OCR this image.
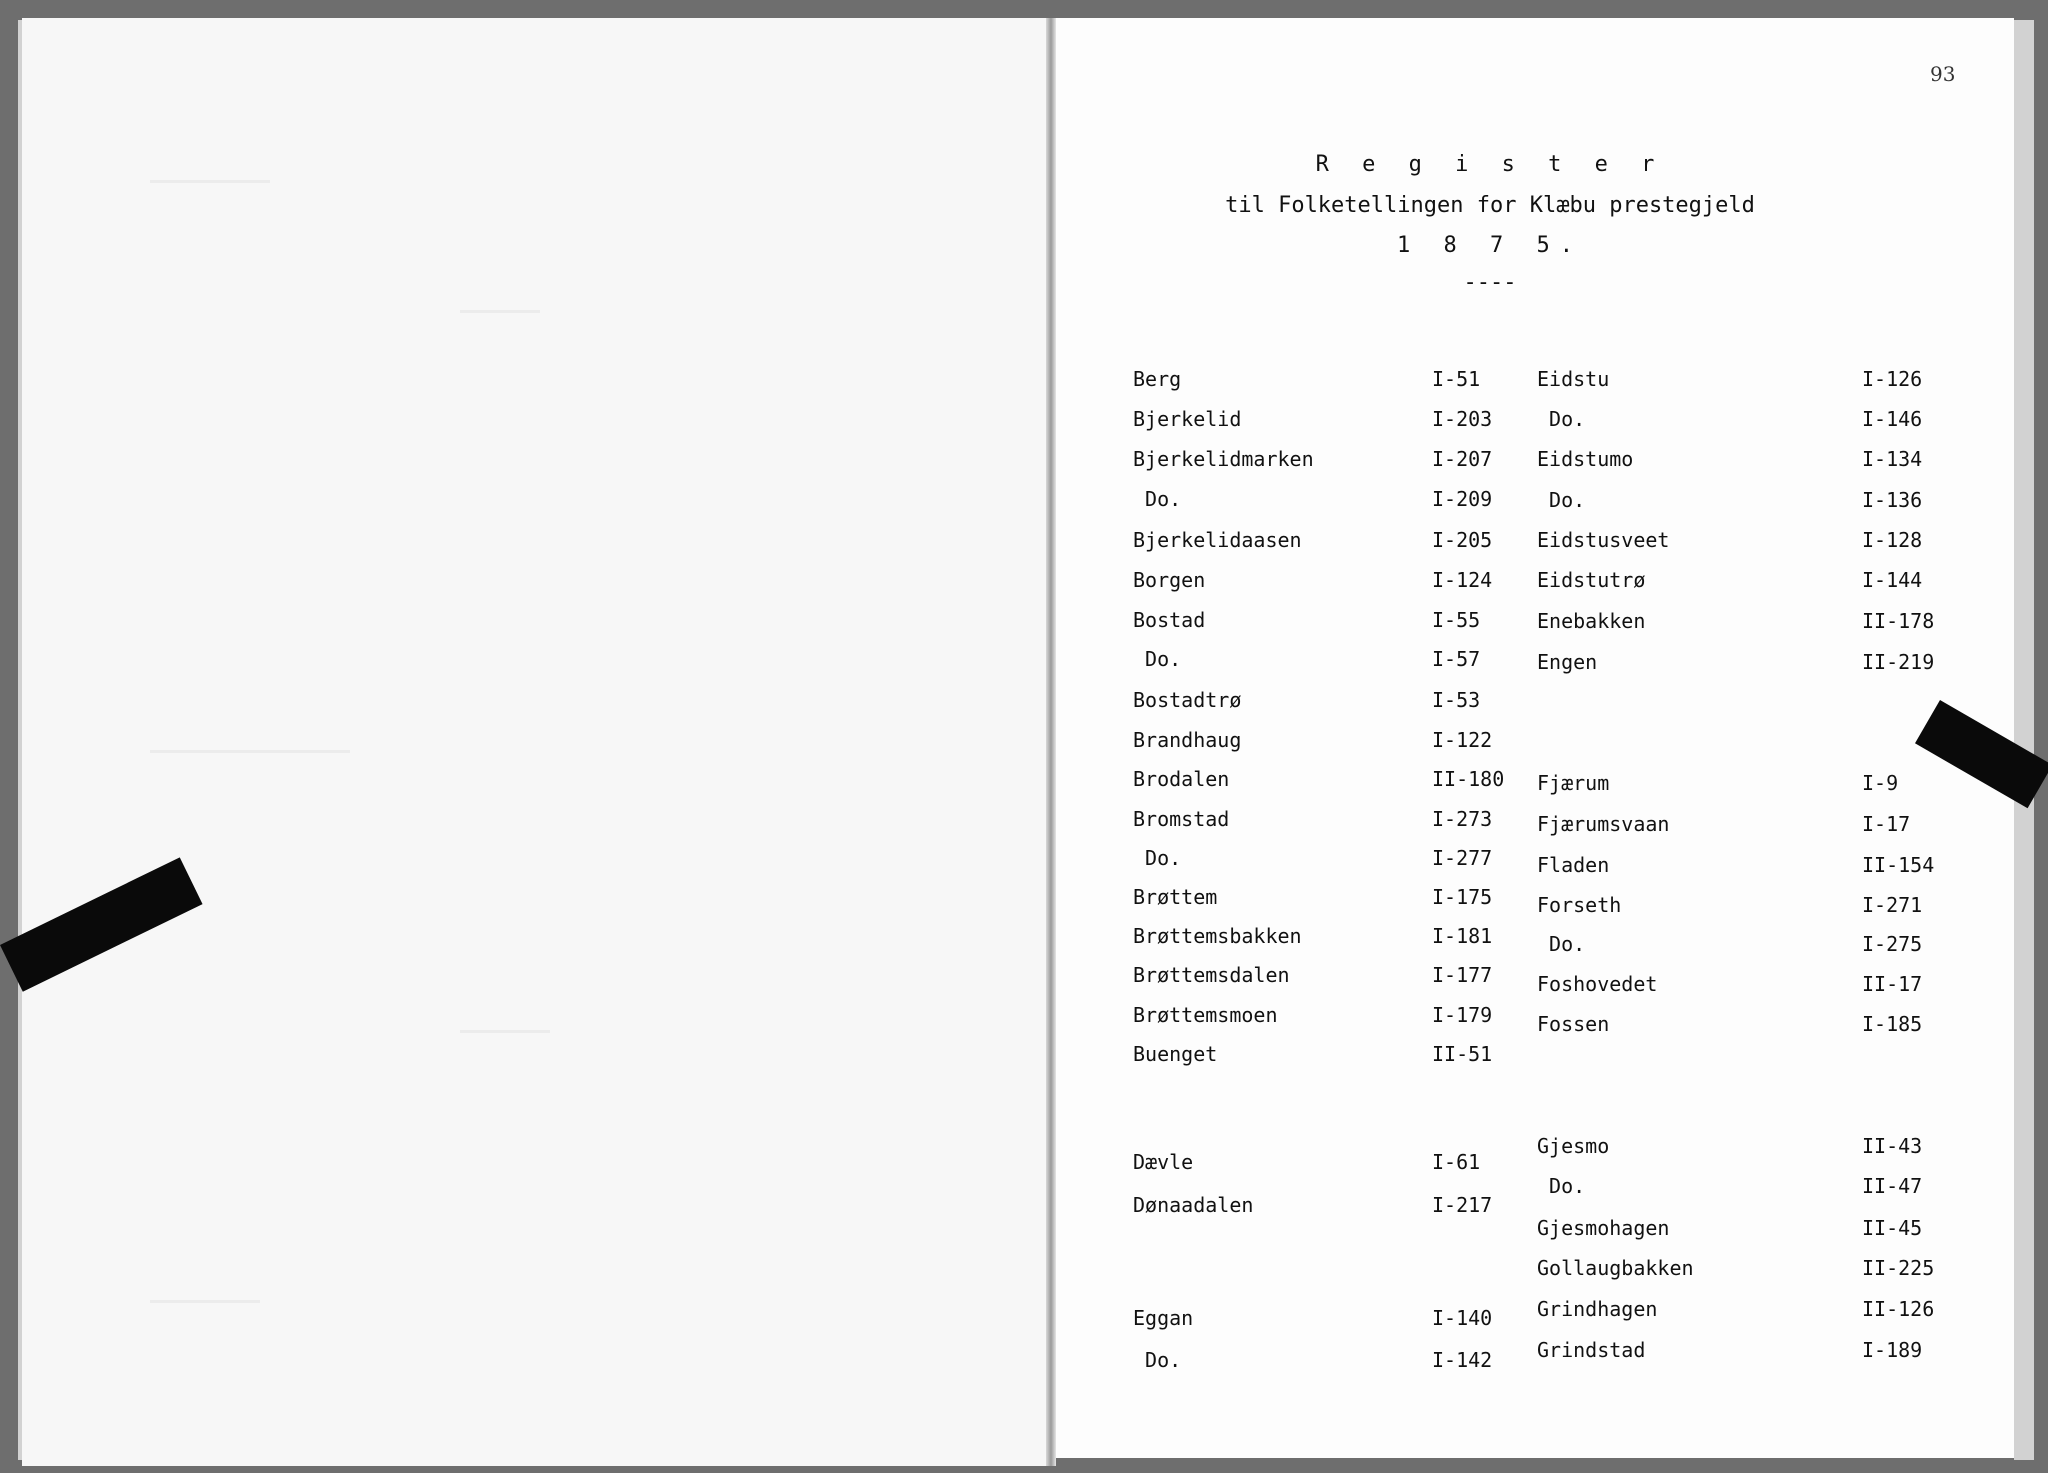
93
R e g i s t e r
til Folketellingen for Klæbu prestegjeld
1 8 7 5.
----
Berg	I-51
Bjerkelid	I-203
Bjerkelidmarken	I-207
Do.	I-209
Bjerkelidaasen	I-205
Borgen	I-124
Bostad	I-55
Do.	I-57
Bostadtrø	I-53
Brandhaug	I-122
Brodalen	II-180
Bromstad	I-273
Do.	I-277
Brøttem	I-175
Brøttemsbakken	I-181
Brøttemsdalen	I-177
Brøttemsmoen	I-179
Buenget	II-51
Dævle	I-61
Dønaadalen	I-217
Eggan	I-140
Do.	I-142
Eidstu	I-126
Do.	I-146
Eidstumo	I-134
Do.	I-136
Eidstusveet	I-128
Eidstutrø	I-144
Enebakken	II-178
Engen	II-219
Fjærum	I-9
Fjærumsvaan	I-17
Fladen	II-154
Forseth	I-271
Do.	I-275
Foshovedet	II-17
Fossen	I-185
Gjesmo	II-43
Do.	II-47
Gjesmohagen	II-45
Gollaugbakken	II-225
Grindhagen	II-126
Grindstad	I-189
